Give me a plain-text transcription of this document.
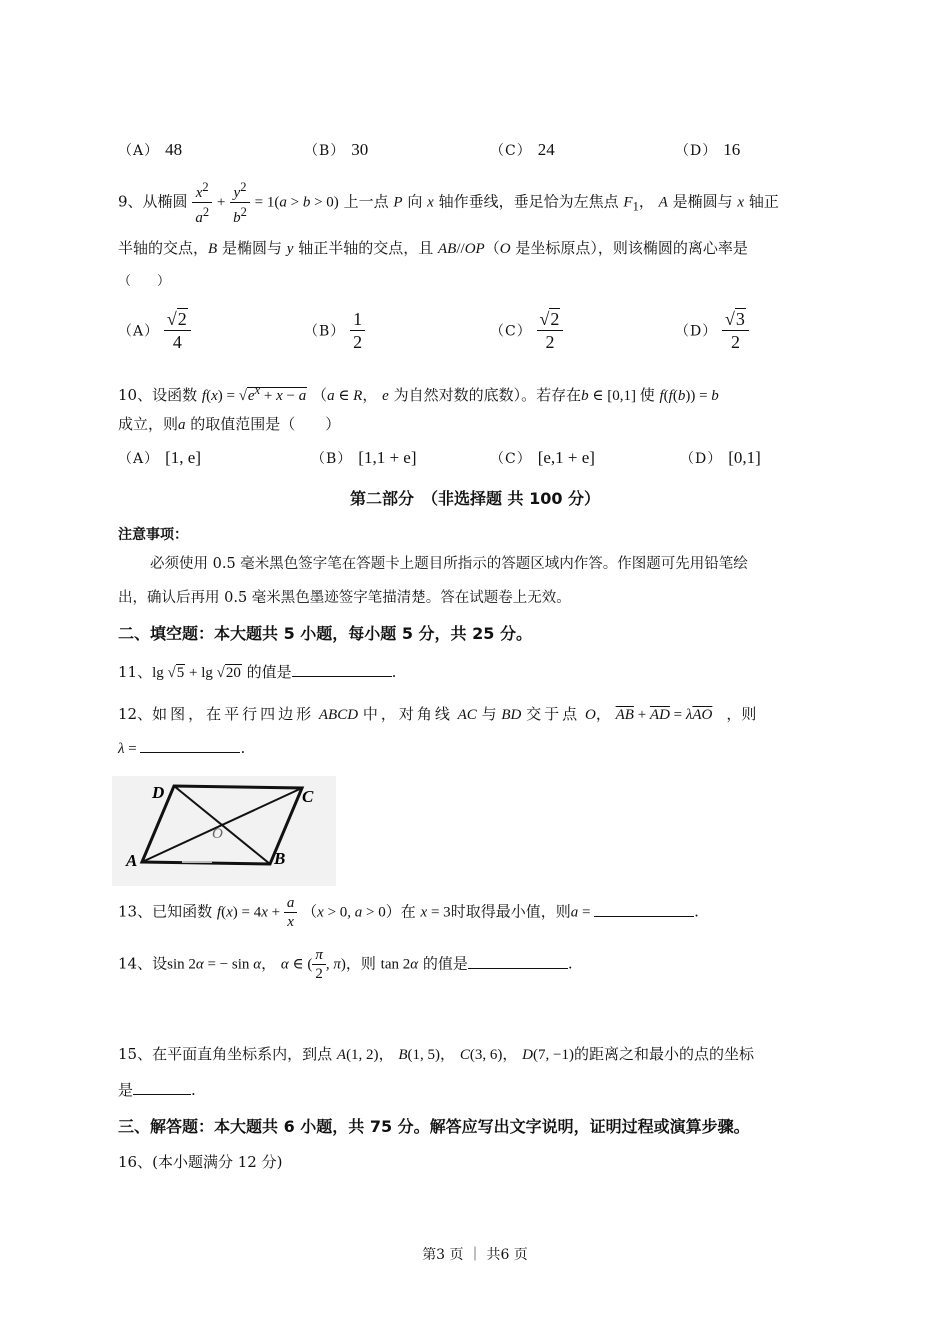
（A） 48	（B） 30	（C） 24	（D） 16
9、从椭圆 $\frac{x^2}{a^2} + \frac{y^2}{b^2} = 1(a > b > 0)$ 上一点 P 向 x 轴作垂线，垂足恰为左焦点 $F_1$， A 是椭圆与 x 轴正
半轴的交点，B 是椭圆与 y 轴正半轴的交点，且 AB//OP（O 是坐标原点），则该椭圆的离心率是
（　　）
$(A) \frac{√2}{4}$	$(B) \frac{1}{2}$	$(C) \frac{√2}{2}$	$(D) \frac{√3}{2}$
10、设函数 $f(x) = √e^x + x - a$ （a ∈ R， e 为自然对数的底数）。若存在b ∈ [0,1] 使 f(f(b)) = b
成立，则a 的取值范围是（　　）
（A） [1, e]	（B） [1,1 + e]	（C） [e,1 + e]	（D） [0,1]
第二部分　（非选择题 共 100 分）
注意事项：
必须使用 0.5 毫米黑色签字笔在答题卡上题目所指示的答题区域内作答。作图题可先用铅笔绘
出，确认后再用 0.5 毫米黑色墨迹签字笔描清楚。答在试题卷上无效。
二、填空题：本大题共 5 小题，每小题 5 分，共 25 分。
11、lg √5 + lg √20 的值是	.
12、如图，在平行四边形 ABCD 中，对角线 AC 与 BD 交于点 O， $\overline{AB} + \overline{AD} = \lambda\overline{AO}$ ，则
λ =	.
A	B
C
D
O
13、已知函数 $f(x) = 4x + \frac{a}{x} (x > 0$, a > 0）在 x = 3时取得最小值，则a =	.
14、设sin 2α = − sin α， α ∈ ( $\frac{\pi}{2}$ , π)，则 tan 2α 的值是	.
15、在平面直角坐标系内，到点 A(1, 2)， B(1, 5)， C(3, 6)， D(7, −1)的距离之和最小的点的坐标
是	.
三、解答题：本大题共 6 小题，共 75 分。解答应写出文字说明，证明过程或演算步骤。
16、(本小题满分 12 分)
第3 页 ｜ 共6 页
